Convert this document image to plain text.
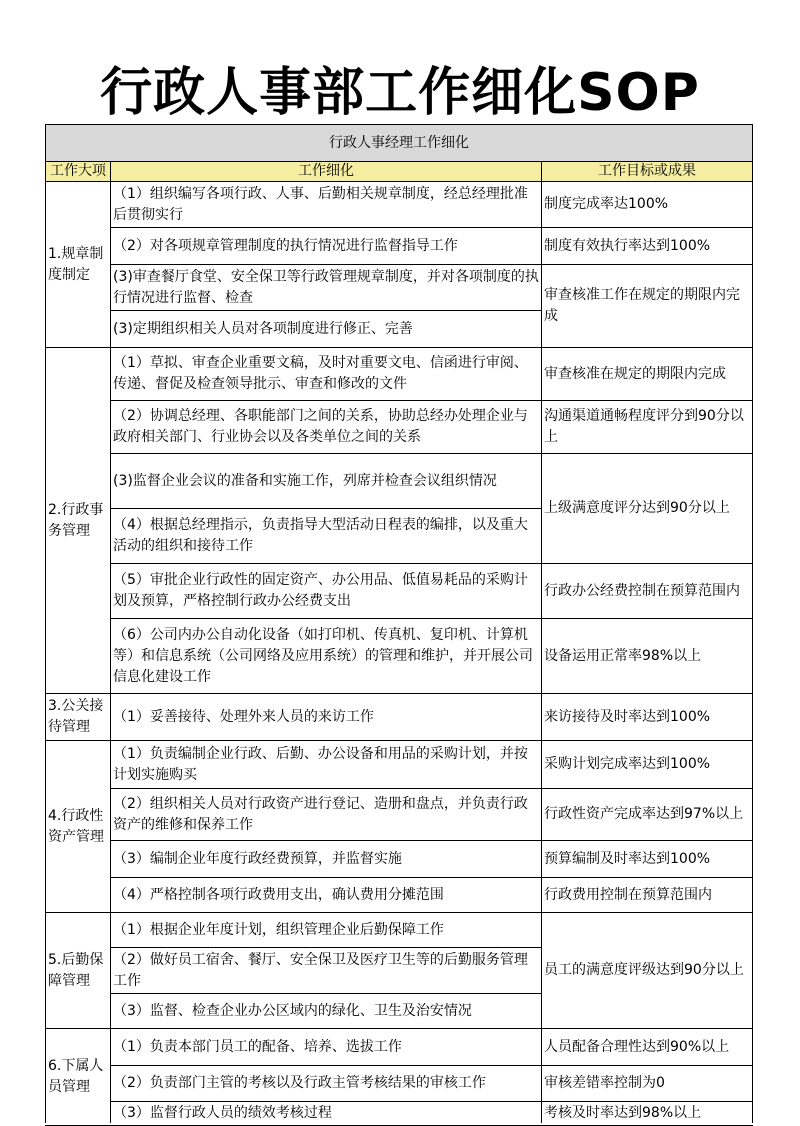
行政人事部工作细化SOP
行政人事经理工作细化		
工作大项	工作细化	工作目标或成果
1.规章制度制定	（1）组织编写各项行政、人事、后勤相关规章制度，经总经理批准后贯彻实行	制度完成率达100%
	（2）对各项规章管理制度的执行情况进行监督指导工作	制度有效执行率达到100%
	(3)审查餐厅食堂、安全保卫等行政管理规章制度，并对各项制度的执行情况进行监督、检查	审查核准工作在规定的期限内完成
	(3)定期组织相关人员对各项制度进行修正、完善	
2.行政事务管理	（1）草拟、审查企业重要文稿，及时对重要文电、信函进行审阅、传递、督促及检查领导批示、审查和修改的文件	审查核准在规定的期限内完成
	（2）协调总经理、各职能部门之间的关系，协助总经办处理企业与政府相关部门、行业协会以及各类单位之间的关系	沟通渠道通畅程度评分到90分以上
	(3)监督企业会议的准备和实施工作，列席并检查会议组织情况	上级满意度评分达到90分以上
	（4）根据总经理指示，负责指导大型活动日程表的编排，以及重大活动的组织和接待工作	
	（5）审批企业行政性的固定资产、办公用品、低值易耗品的采购计划及预算，严格控制行政办公经费支出	行政办公经费控制在预算范围内
	（6）公司内办公自动化设备（如打印机、传真机、复印机、计算机等）和信息系统（公司网络及应用系统）的管理和维护，并开展公司信息化建设工作	设备运用正常率98%以上
3.公关接待管理	（1）妥善接待、处理外来人员的来访工作	来访接待及时率达到100%
4.行政性资产管理	（1）负责编制企业行政、后勤、办公设备和用品的采购计划，并按计划实施购买	采购计划完成率达到100%
	（2）组织相关人员对行政资产进行登记、造册和盘点，并负责行政资产的维修和保养工作	行政性资产完成率达到97%以上
	（3）编制企业年度行政经费预算，并监督实施	预算编制及时率达到100%
	（4）严格控制各项行政费用支出，确认费用分摊范围	行政费用控制在预算范围内
5.后勤保障管理	（1）根据企业年度计划，组织管理企业后勤保障工作	员工的满意度评级达到90分以上
	（2）做好员工宿舍、餐厅、安全保卫及医疗卫生等的后勤服务管理工作	
	（3）监督、检查企业办公区域内的绿化、卫生及治安情况	
6.下属人员管理	（1）负责本部门员工的配备、培养、选拔工作	人员配备合理性达到90%以上
	（2）负责部门主管的考核以及行政主管考核结果的审核工作	审核差错率控制为0
	（3）监督行政人员的绩效考核过程	考核及时率达到98%以上
